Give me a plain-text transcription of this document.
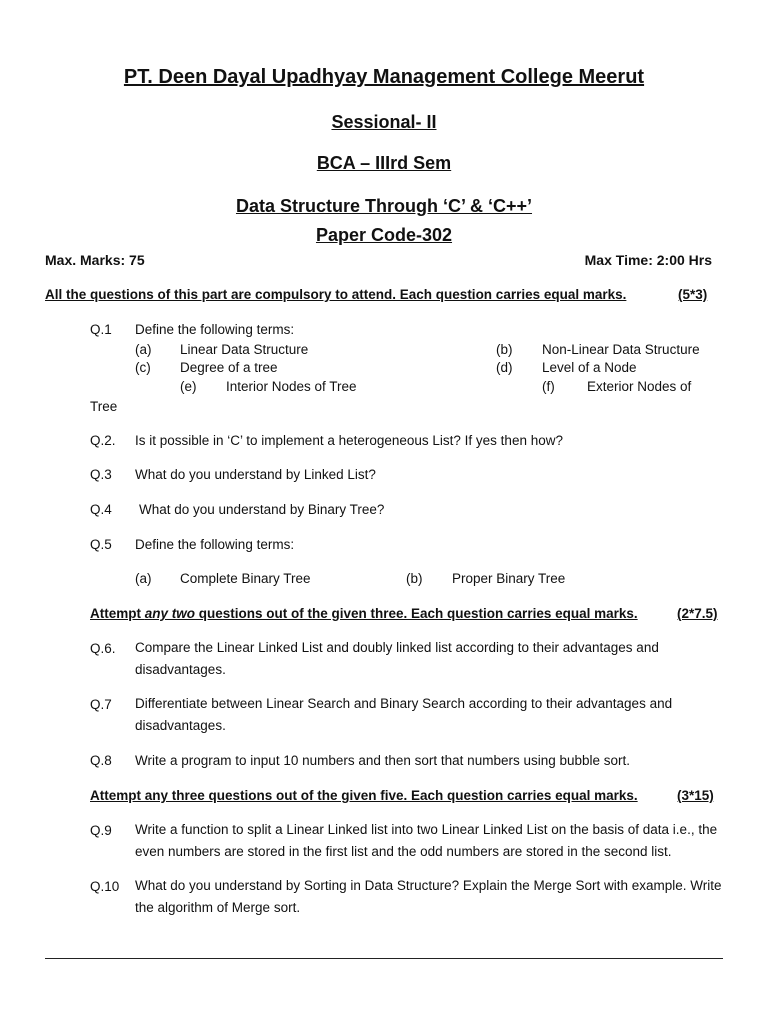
PT. Deen Dayal Upadhyay Management College Meerut
Sessional- II
BCA – IIIrd Sem
Data Structure Through ‘C’ & ‘C++’
Paper Code-302
Max. Marks: 75	Max Time: 2:00 Hrs
All the questions of this part are compulsory to attend. Each question carries equal marks.	(5*3)
Q.1 Define the following terms:
(a) Linear Data Structure	(b) Non-Linear Data Structure
(c) Degree of a tree	(d) Level of a Node
(e) Interior Nodes of Tree	(f) Exterior Nodes of
Tree
Q.2. Is it possible in ‘C’ to implement a heterogeneous List? If yes then how?
Q.3 What do you understand by Linked List?
Q.4 What do you understand by Binary Tree?
Q.5 Define the following terms:
(a) Complete Binary Tree	(b) Proper Binary Tree
Attempt any two questions out of the given three. Each question carries equal marks.	(2*7.5)
Q.6. Compare the Linear Linked List and doubly linked list according to their advantages and disadvantages.
Q.7 Differentiate between Linear Search and Binary Search according to their advantages and disadvantages.
Q.8 Write a program to input 10 numbers and then sort that numbers using bubble sort.
Attempt any three questions out of the given five. Each question carries equal marks.	(3*15)
Q.9 Write a function to split a Linear Linked list into two Linear Linked List on the basis of data i.e., the even numbers are stored in the first list and the odd numbers are stored in the second list.
Q.10 What do you understand by Sorting in Data Structure? Explain the Merge Sort with example. Write the algorithm of Merge sort.
